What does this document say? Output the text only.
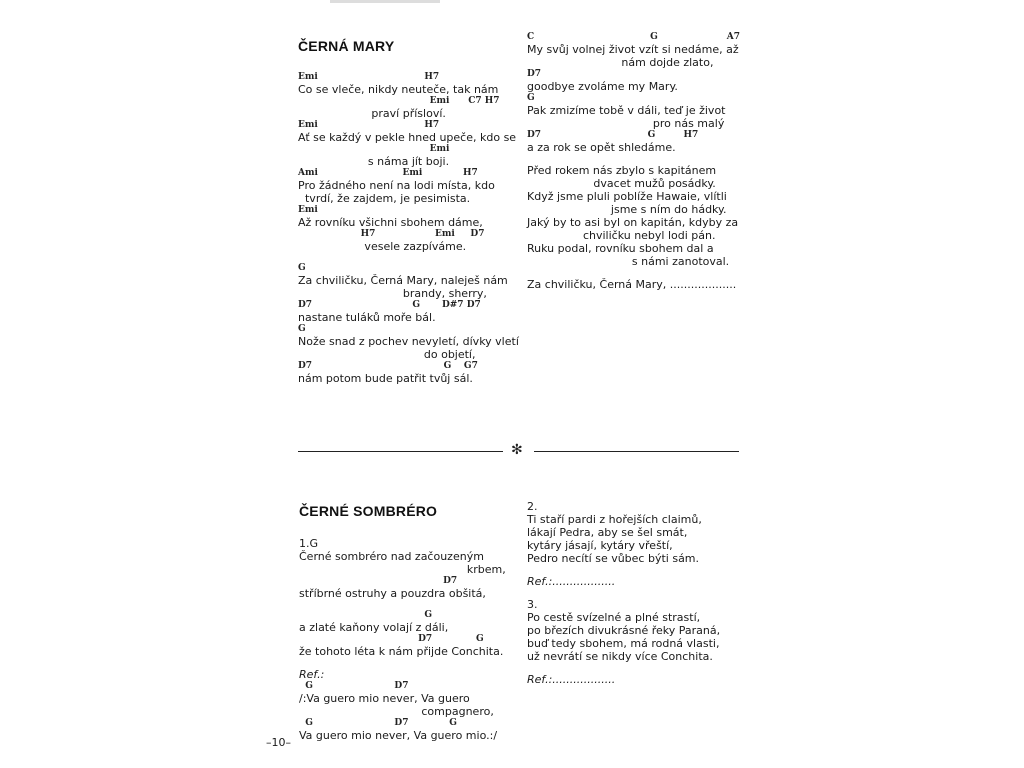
ČERNÁ MARY
Emi                                  H7
Co se vleče, nikdy neuteče, tak nám
Emi      C7 H7
praví přísloví.
Emi                                  H7
Ať se každý v pekle hned upeče, kdo se
Emi
s náma jít boji.
Ami                           Emi             H7
Pro žádného není na lodi místa, kdo
tvrdí, že zajdem, je pesimista.
Emi
Až rovníku všichni sbohem dáme,
H7                   Emi     D7
vesele zazpíváme.
G
Za chviličku, Černá Mary, naleješ nám
brandy, sherry,
D7                                G       D#7 D7
nastane tuláků moře bál.
G
Nože snad z pochev nevyletí, dívky vletí
do objetí,
D7                                          G    G7
nám potom bude patřit tvůj sál.
C                                     G                      A7
My svůj volnej život vzít si nedáme, až
nám dojde zlato,
D7
goodbye zvoláme my Mary.
G
Pak zmizíme tobě v dáli, teď je život
pro nás malý
D7                                  G         H7
a za rok se opět shledáme.
Před rokem nás zbylo s kapitánem
dvacet mužů posádky.
Když jsme pluli poblíže Hawaie, vlítli
jsme s ním do hádky.
Jaký by to asi byl on kapitán, kdyby za
chviličku nebyl lodi pán.
Ruku podal, rovníku sbohem dal a
s námi zanotoval.
Za chviličku, Černá Mary, ...................
✻
ČERNÉ SOMBRÉRO
1.G
Černé sombréro nad začouzeným
krbem,
D7
stříbrné ostruhy a pouzdra obšitá,
G
a zlaté kaňony volají z dáli,
D7              G
že tohoto léta k nám přijde Conchita.
Ref.:
G                          D7
/:Va guero mio never, Va guero
compagnero,
G                          D7             G
Va guero mio never, Va guero mio.:/
2.
Ti staří pardi z hořejších claimů,
lákají Pedra, aby se šel smát,
kytáry jásají, kytáry vřeští,
Pedro necítí se vůbec býti sám.
Ref.:..................
3.
Po cestě svízelné a plné strastí,
po březích divukrásné řeky Paraná,
buď tedy sbohem, má rodná vlasti,
už nevrátí se nikdy více Conchita.
Ref.:..................
–10–
